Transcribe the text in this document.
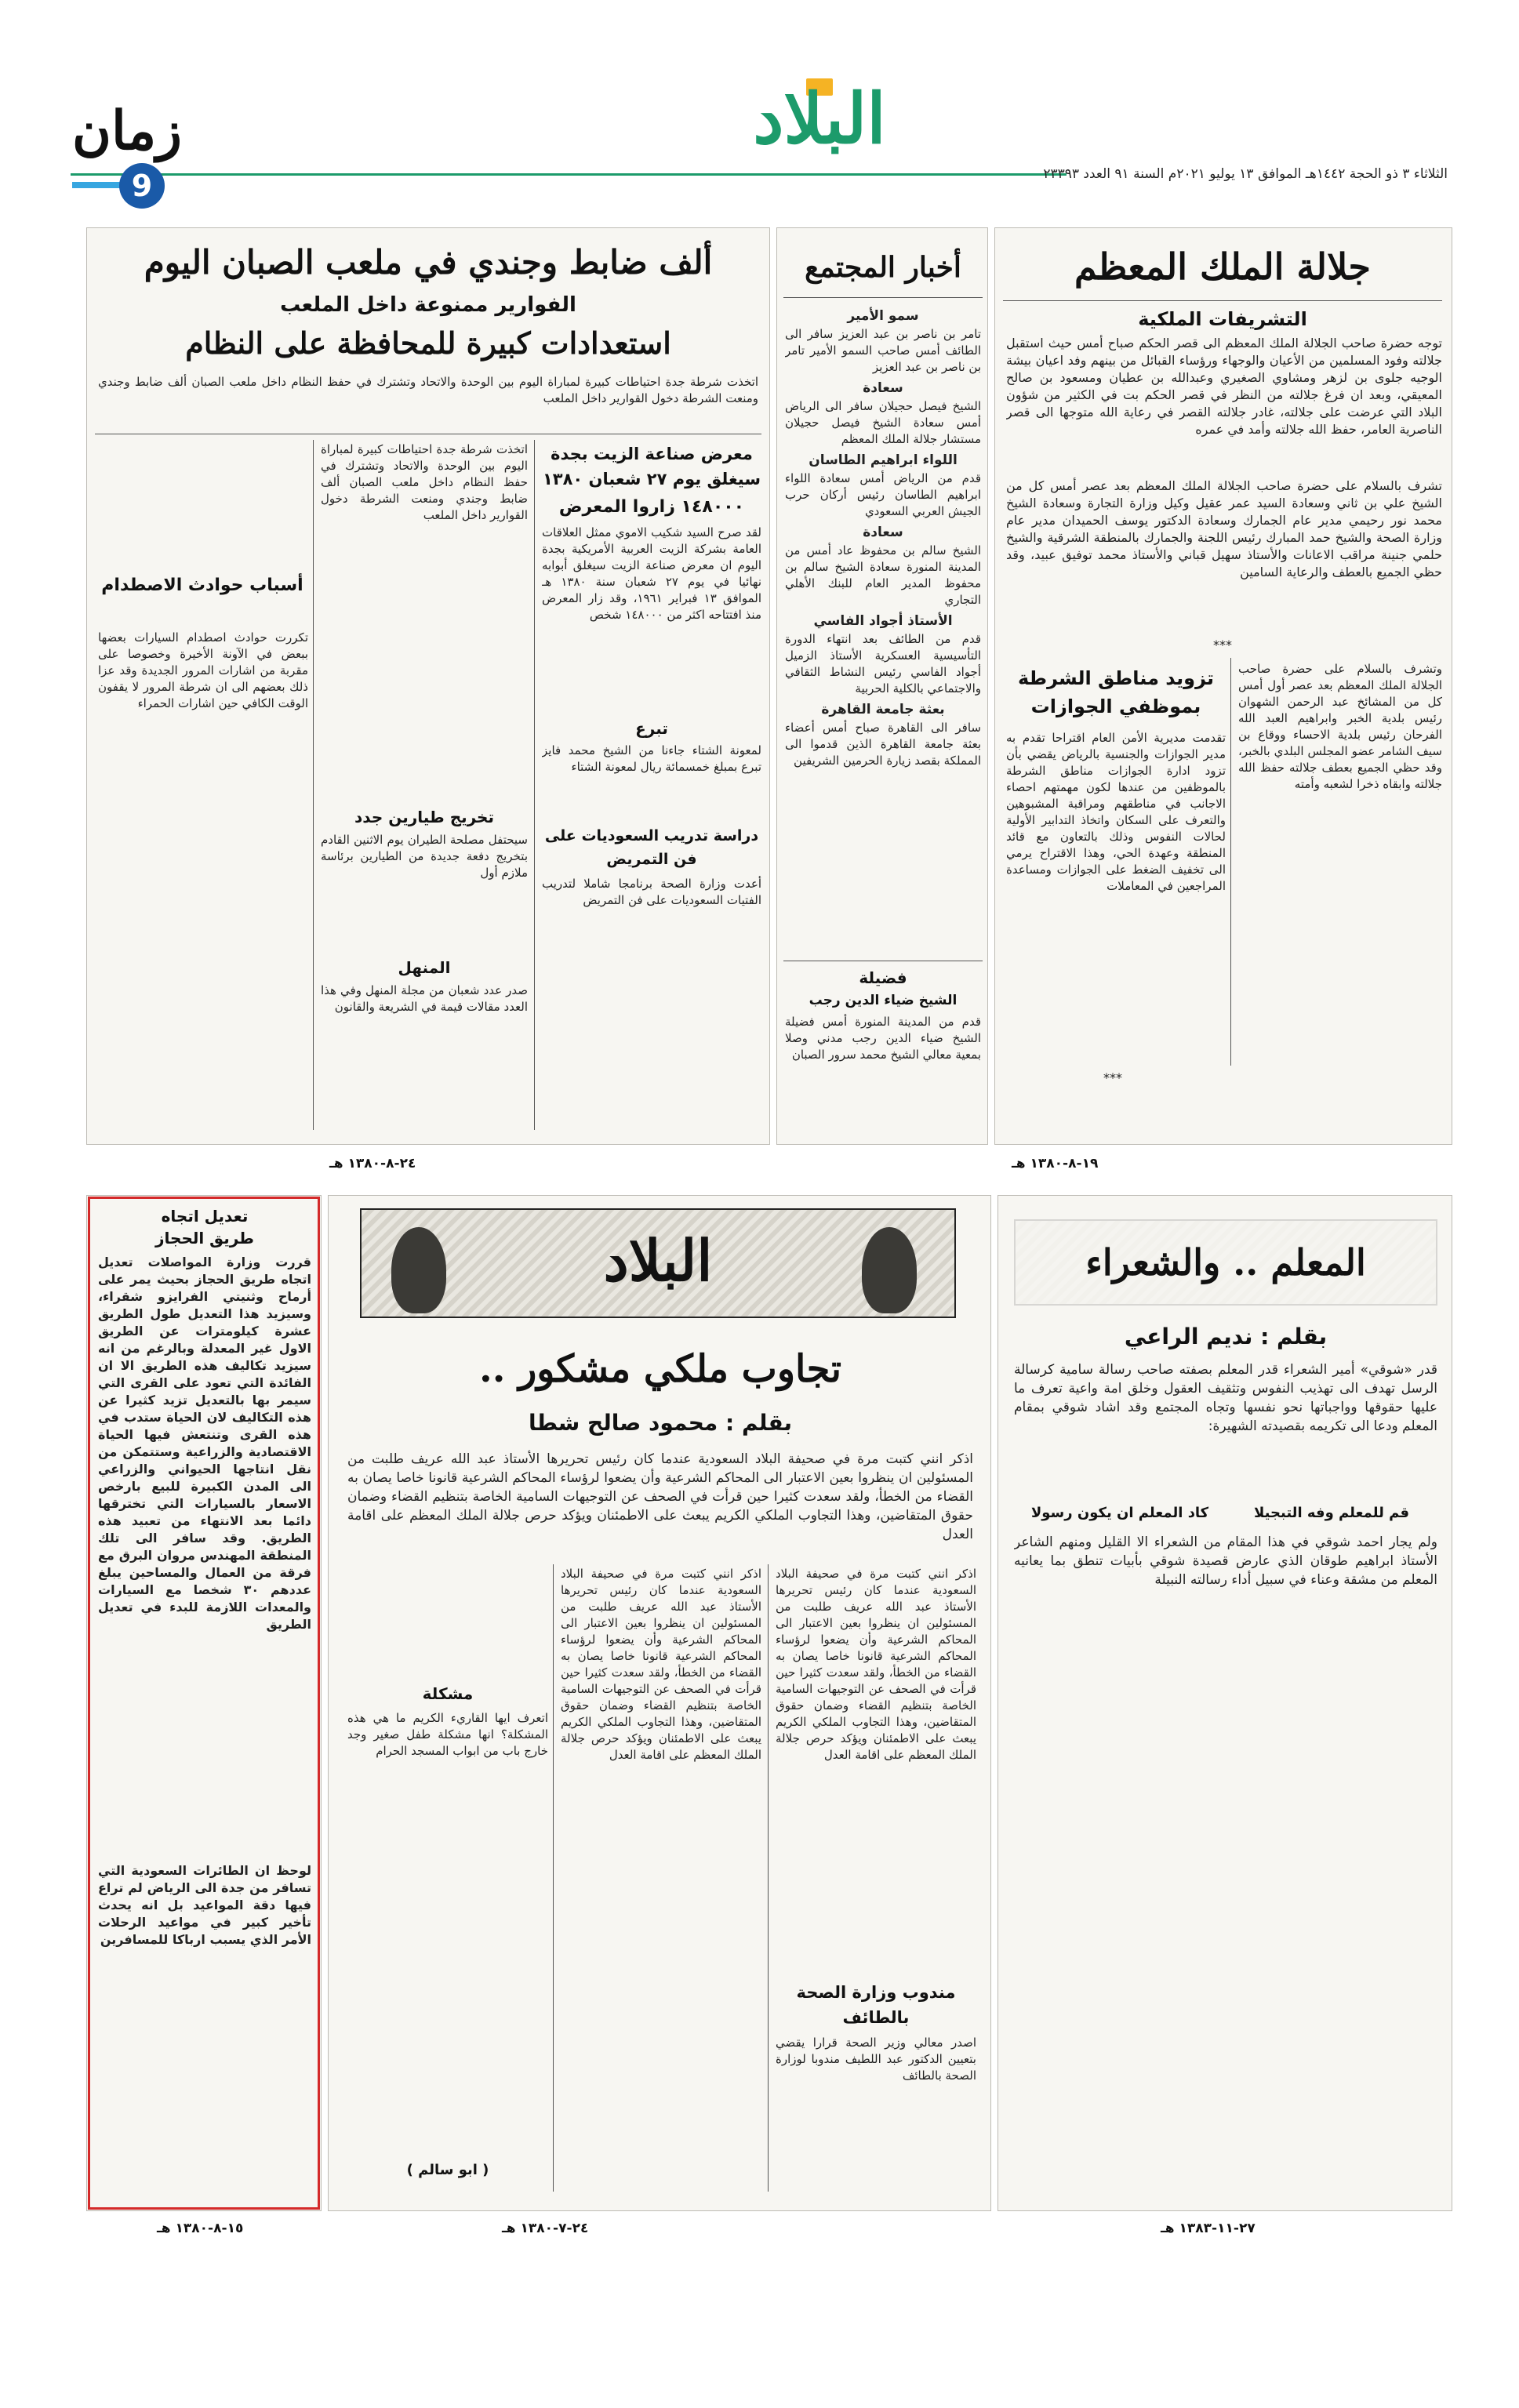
البلاد
الثلاثاء ٣ ذو الحجة ١٤٤٢هـ الموافق ١٣ يوليو ٢٠٢١م السنة ٩١ العدد ٢٣٣٩٣
زمان
9
جلالة الملك المعظم
التشريفات الملكية
توجه حضرة صاحب الجلالة الملك المعظم الى قصر الحكم صباح أمس حيث استقبل جلالته وفود المسلمين من الأعيان والوجهاء ورؤساء القبائل من بينهم وفد اعيان بيشة الوجيه جلوى بن لزهر ومشاوي الصغيري وعبدالله بن عطيان ومسعود بن صالح المعيقي، وبعد ان فرغ جلالته من النظر في قصر الحكم بت في الكثير من شؤون البلاد التي عرضت على جلالته، غادر جلالته القصر في رعاية الله متوجها الى قصر الناصرية العامر، حفظ الله جلالته وأمد في عمره
تشرف بالسلام على حضرة صاحب الجلالة الملك المعظم بعد عصر أمس كل من الشيخ علي بن ثاني وسعادة السيد عمر عقيل وكيل وزارة التجارة وسعادة الشيخ محمد نور رحيمي مدير عام الجمارك وسعادة الدكتور يوسف الحميدان مدير عام وزارة الصحة والشيخ حمد المبارك رئيس اللجنة والجمارك بالمنطقة الشرقية والشيخ حلمي جنينة مراقب الاعانات والأستاذ سهيل قباني والأستاذ محمد توفيق عبيد، وقد حظي الجميع بالعطف والرعاية السامين
***
وتشرف بالسلام على حضرة صاحب الجلالة الملك المعظم بعد عصر أول أمس كل من المشائخ عبد الرحمن الشهوان رئيس بلدية الخبر وابراهيم العبد الله الفرحان رئيس بلدية الاحساء ووقاع بن سيف الشامر عضو المجلس البلدي بالخبر، وقد حظي الجميع بعطف جلالته حفظ الله جلالته وابقاه ذخرا لشعبه وأمته
تزويد مناطق الشرطة بموظفي الجوازات
تقدمت مديرية الأمن العام اقتراحا تقدم به مدير الجوازات والجنسية بالرياض يقضي بأن تزود ادارة الجوازات مناطق الشرطة بالموظفين من عندها لكون مهمتهم احصاء الاجانب في مناطقهم ومراقبة المشبوهين والتعرف على السكان واتخاذ التدابير الأولية لحالات النفوس وذلك بالتعاون مع قائد المنطقة وعهدة الحي، وهذا الاقتراح يرمي الى تخفيف الضغط على الجوازات ومساعدة المراجعين في المعاملات
***
١٩-٨-١٣٨٠ هـ
أخبار المجتمع
سمو الأمير

تامر بن ناصر بن عبد العزيز سافر الى الطائف أمس صاحب السمو الأمير تامر بن ناصر بن عبد العزيز

سعادة

الشيخ فيصل حجيلان سافر الى الرياض أمس سعادة الشيخ فيصل حجيلان مستشار جلالة الملك المعظم

اللواء ابراهيم الطاسان

قدم من الرياض أمس سعادة اللواء ابراهيم الطاسان رئيس أركان حرب الجيش العربي السعودي

سعادة

الشيخ سالم بن محفوظ عاد أمس من المدينة المنورة سعادة الشيخ سالم بن محفوظ المدير العام للبنك الأهلي التجاري

الأستاذ أجواد الفاسي

قدم من الطائف بعد انتهاء الدورة التأسيسية العسكرية الأستاذ الزميل أجواد الفاسي رئيس النشاط الثقافي والاجتماعي بالكلية الحربية

بعثة جامعة القاهرة

سافر الى القاهرة صباح أمس أعضاء بعثة جامعة القاهرة الذين قدموا الى المملكة بقصد زيارة الحرمين الشريفين

فضيلة
الشيخ ضياء الدين رجب
قدم من المدينة المنورة أمس فضيلة الشيخ ضياء الدين رجب مدني وصلا بمعية معالي الشيخ محمد سرور الصبان
ألف ضابط وجندي في ملعب الصبان اليوم
الفوارير ممنوعة داخل الملعب
استعدادات كبيرة للمحافظة على النظام
اتخذت شرطة جدة احتياطات كبيرة لمباراة اليوم بين الوحدة والاتحاد وتشترك في حفظ النظام داخل ملعب الصبان ألف ضابط وجندي ومنعت الشرطة دخول القوارير داخل الملعب
معرض صناعة الزيت بجدة سيغلق يوم ٢٧ شعبان ١٣٨٠
١٤٨٠٠٠ زاروا المعرض
لقد صرح السيد شكيب الاموي ممثل العلاقات العامة بشركة الزيت العربية الأمريكية بجدة اليوم ان معرض صناعة الزيت سيغلق أبوابه نهائيا في يوم ٢٧ شعبان سنة ١٣٨٠ هـ الموافق ١٣ فبراير ١٩٦١، وقد زار المعرض منذ افتتاحه اكثر من ١٤٨٠٠٠ شخص
تبرع
لمعونة الشتاء جاءنا من الشيخ محمد فايز تبرع بمبلغ خمسمائة ريال لمعونة الشتاء
دراسة تدريب السعوديات على فن التمريض
أعدت وزارة الصحة برنامجا شاملا لتدريب الفتيات السعوديات على فن التمريض
اتخذت شرطة جدة احتياطات كبيرة لمباراة اليوم بين الوحدة والاتحاد وتشترك في حفظ النظام داخل ملعب الصبان ألف ضابط وجندي ومنعت الشرطة دخول القوارير داخل الملعب
تخريج طيارين جدد
سيحتفل مصلحة الطيران يوم الاثنين القادم بتخريج دفعة جديدة من الطيارين برئاسة ملازم أول
المنهل
صدر عدد شعبان من مجلة المنهل وفي هذا العدد مقالات قيمة في الشريعة والقانون
أسباب حوادث الاصطدام
تكررت حوادث اصطدام السيارات بعضها ببعض في الآونة الأخيرة وخصوصا على مقربة من اشارات المرور الجديدة وقد عزا ذلك بعضهم الى ان شرطة المرور لا يقفون الوقت الكافي حين اشارات الحمراء
٢٤-٨-١٣٨٠ هـ
المعلم .. والشعراء
بقلم : نديم الراعي
قدر «شوقي» أمير الشعراء قدر المعلم بصفته صاحب رسالة سامية كرسالة الرسل تهدف الى تهذيب النفوس وتثقيف العقول وخلق امة واعية تعرف ما عليها حقوقها وواجباتها نحو نفسها وتجاه المجتمع وقد اشاد شوقي بمقام المعلم ودعا الى تكريمه بقصيدته الشهيرة:
قم للمعلم وفه التبجيلا
كاد المعلم ان يكون رسولا
ولم يجار احمد شوقي في هذا المقام من الشعراء الا القليل ومنهم الشاعر الأستاذ ابراهيم طوقان الذي عارض قصيدة شوقي بأبيات تنطق بما يعانيه المعلم من مشقة وعناء في سبيل أداء رسالته النبيلة
٢٧-١١-١٣٨٣ هـ
البلاد
تجاوب ملكي مشكور ..
بقلم : محمود صالح شطا
اذكر انني كتبت مرة في صحيفة البلاد السعودية عندما كان رئيس تحريرها الأستاذ عبد الله عريف طلبت من المسئولين ان ينظروا بعين الاعتبار الى المحاكم الشرعية وأن يضعوا لرؤساء المحاكم الشرعية قانونا خاصا يصان به القضاء من الخطأ، ولقد سعدت كثيرا حين قرأت في الصحف عن التوجيهات السامية الخاصة بتنظيم القضاء وضمان حقوق المتقاضين، وهذا التجاوب الملكي الكريم يبعث على الاطمئنان ويؤكد حرص جلالة الملك المعظم على اقامة العدل
اذكر انني كتبت مرة في صحيفة البلاد السعودية عندما كان رئيس تحريرها الأستاذ عبد الله عريف طلبت من المسئولين ان ينظروا بعين الاعتبار الى المحاكم الشرعية وأن يضعوا لرؤساء المحاكم الشرعية قانونا خاصا يصان به القضاء من الخطأ، ولقد سعدت كثيرا حين قرأت في الصحف عن التوجيهات السامية الخاصة بتنظيم القضاء وضمان حقوق المتقاضين، وهذا التجاوب الملكي الكريم يبعث على الاطمئنان ويؤكد حرص جلالة الملك المعظم على اقامة العدل
مندوب وزارة الصحة بالطائف
اصدر معالي وزير الصحة قرارا يقضي بتعيين الدكتور عبد اللطيف مندوبا لوزارة الصحة بالطائف
اذكر انني كتبت مرة في صحيفة البلاد السعودية عندما كان رئيس تحريرها الأستاذ عبد الله عريف طلبت من المسئولين ان ينظروا بعين الاعتبار الى المحاكم الشرعية وأن يضعوا لرؤساء المحاكم الشرعية قانونا خاصا يصان به القضاء من الخطأ، ولقد سعدت كثيرا حين قرأت في الصحف عن التوجيهات السامية الخاصة بتنظيم القضاء وضمان حقوق المتقاضين، وهذا التجاوب الملكي الكريم يبعث على الاطمئنان ويؤكد حرص جلالة الملك المعظم على اقامة العدل
مشكلة
اتعرف ايها القاريء الكريم ما هي هذه المشكلة؟ انها مشكلة طفل صغير وجد خارج باب من ابواب المسجد الحرام
( ابو سالم )
٢٤-٧-١٣٨٠ هـ
تعديل اتجاه
طريق الحجاز
قررت وزارة المواصلات تعديل اتجاه طريق الحجاز بحيث يمر على أرماح وثنيتي الفرايزو شقراء، وسيزيد هذا التعديل طول الطريق عشرة كيلومترات عن الطريق الاول غير المعدلة وبالرغم من انه سيزيد تكاليف هذه الطريق الا ان الفائدة التي تعود على القرى التي سيمر بها بالتعديل تزيد كثيرا عن هذه التكاليف لان الحياة ستدب في هذه القرى وتنتعش فيها الحياة الاقتصادية والزراعية وستتمكن من نقل انتاجها الحيواني والزراعي الى المدن الكبيرة للبيع بارخص الاسعار بالسيارات التي تخترقها دائما بعد الانتهاء من تعبيد هذه الطريق. وقد سافر الى تلك المنطقة المهندس مروان البرق مع فرقة من العمال والمساحين يبلغ عددهم ٣٠ شخصا مع السيارات والمعدات اللازمة للبدء في تعديل الطريق
لوحظ ان الطائرات السعودية التي تسافر من جدة الى الرياض لم تراع فيها دقة المواعيد بل انه يحدث تأخير كبير في مواعيد الرحلات الأمر الذي يسبب ارباكا للمسافرين
١٥-٨-١٣٨٠ هـ
